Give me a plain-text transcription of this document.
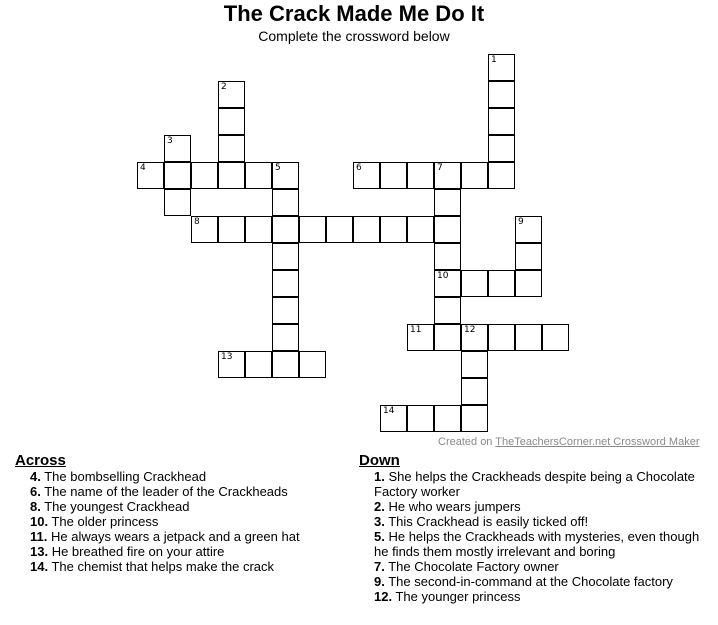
The Crack Made Me Do It
Complete the crossword below
1
2
3
4	5	6	7
10
8	9
11	12
13
14
Created on TheTeachersCorner.net Crossword Maker
Across
4. The bombselling Crackhead
6. The name of the leader of the Crackheads
8. The youngest Crackhead
10. The older princess
11. He always wears a jetpack and a green hat
13. He breathed fire on your attire
14. The chemist that helps make the crack
Down
1. She helps the Crackheads despite being a Chocolate Factory worker
2. He who wears jumpers
3. This Crackhead is easily ticked off!
5. He helps the Crackheads with mysteries, even though he finds them mostly irrelevant and boring
7. The Chocolate Factory owner
9. The second-in-command at the Chocolate factory
12. The younger princess
